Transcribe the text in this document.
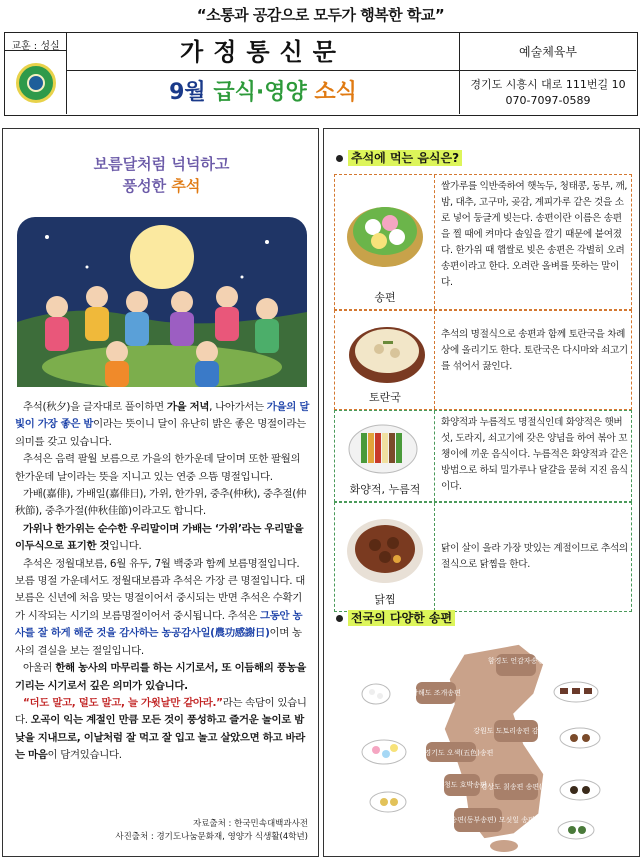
“소통과 공감으로 모두가 행복한 학교”
교훈 : 성실	가정통신문
9월 급식·영양 소식
예술체육부
경기도 시흥시 대로 111번길 10
070-7097-0589
보름달처럼 넉넉하고
풍성한 추석

추석(秋夕)을 글자대로 풀이하면 가을 저녁, 나아가서는 가을의 달빛이 가장 좋은 밤이라는 뜻이니 달이 유난히 밝은 좋은 명절이라는 의미를 갖고 있습니다.

추석은 음력 팔월 보름으로 가을의 한가운데 달이며 또한 팔월의 한가운데 날이라는 뜻을 지니고 있는 연중 으뜸 명절입니다.

가배(嘉俳), 가배일(嘉俳日), 가위, 한가위, 중추(仲秋), 중추절(仲秋節), 중추가절(仲秋佳節)이라고도 합니다.

가위나 한가위는 순수한 우리말이며 가배는 ‘가위’라는 우리말을 이두식으로 표기한 것입니다.

추석은 정월대보름, 6월 유두, 7월 백중과 함께 보름명절입니다. 보름 명절 가운데서도 정월대보름과 추석은 가장 큰 명절입니다. 대보름은 신년에 처음 맞는 명절이어서 중시되는 반면 추석은 수확기가 시작되는 시기의 보름명절이어서 중시됩니다. 추석은 그동안 농사를 잘 하게 해준 것을 감사하는 농공감사일(農功感謝日)이며 농사의 결실을 보는 절일입니다.

아울러 한해 농사의 마무리를 하는 시기로서, 또 이듬해의 풍농을 기리는 시기로서 깊은 의미가 있습니다.

“더도 말고, 덜도 말고, 늘 가윗날만 같아라.”라는 속담이 있습니다. 오곡이 익는 계절인 만큼 모든 것이 풍성하고 즐거운 놀이로 밤낮을 지내므로, 이날처럼 잘 먹고 잘 입고 놀고 살았으면 하고 바라는 마음이 담겨있습니다.

자료출처 : 한국민속대백과사전
사진출처 : 경기도나눔문화재, 영양가 식생활(4학년)
추석에 먹는 음식은?
송편
쌀가루를 익반죽하여 햇녹두, 청태콩, 동부, 깨, 밤, 대추, 고구마, 곶감, 계피가루 같은 것을 소로 넣어 둥글게 빚는다. 송편이란 이름은 송편을 찔 때에 켜마다 솔잎을 깔기 때문에 붙여졌다. 한가위 때 햅쌀로 빚은 송편은 각별히 오려송편이라고 한다. 오려란 올벼를 뜻하는 말이다.
토란국
추석의 명절식으로 송편과 함께 토란국을 차례상에 올리기도 한다. 토란국은 다시마와 쇠고기를 섞어서 끓인다.
화양적, 누름적
화양적과 누름적도 명절식인데 화양적은 햇버섯, 도라지, 쇠고기에 갖은 양념을 하여 볶아 꼬챙이에 끼운 음식이다. 누름적은 화양적과 같은 방법으로 하되 밀가루나 달걀을 묻혀 지진 음식이다.
닭찜
닭이 살이 올라 가장 맛있는 계절이므로 추석의 절식으로 닭찜을 한다.
전국의 다양한 송편
함경도 언감자송편
황해도 조개송편
강원도 도토리송편 감자송편
서울,경기도 오색(五色)송편
충청도 호박송편
경상도 칡송편 송편(잎)
전라도 꽃송편(동부송편) 모싯잎 송편
